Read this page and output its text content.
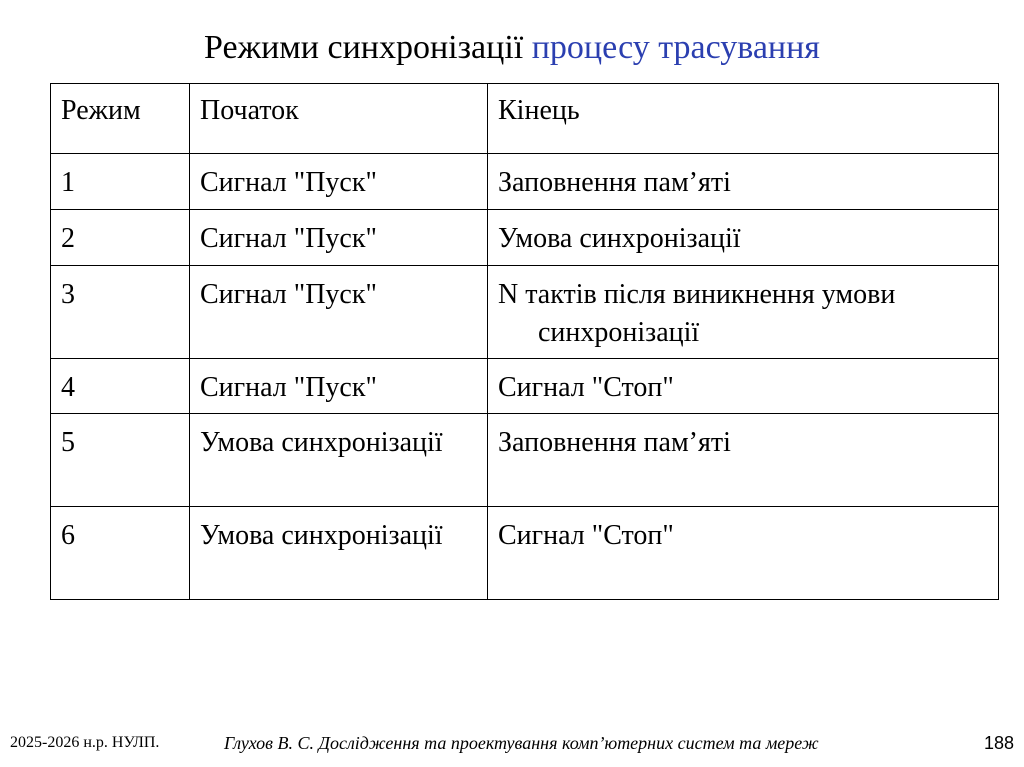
Режими синхронізації процесу трасування
Режим	Початок	Кінець

1	Сигнал "Пуск"	Заповнення пам’яті

2	Сигнал "Пуск"	Умова синхронізації

3	Сигнал "Пуск"	N тактів після виникнення умови синхронізації

4	Сигнал "Пуск"	Сигнал "Стоп"

5	Умова синхронізації	Заповнення пам’яті

6	Умова синхронізації	Сигнал "Стоп"
2025-2026 н.р. НУЛП.	Глухов В. С. Дослідження та проектування комп’ютерних систем та мереж	188
